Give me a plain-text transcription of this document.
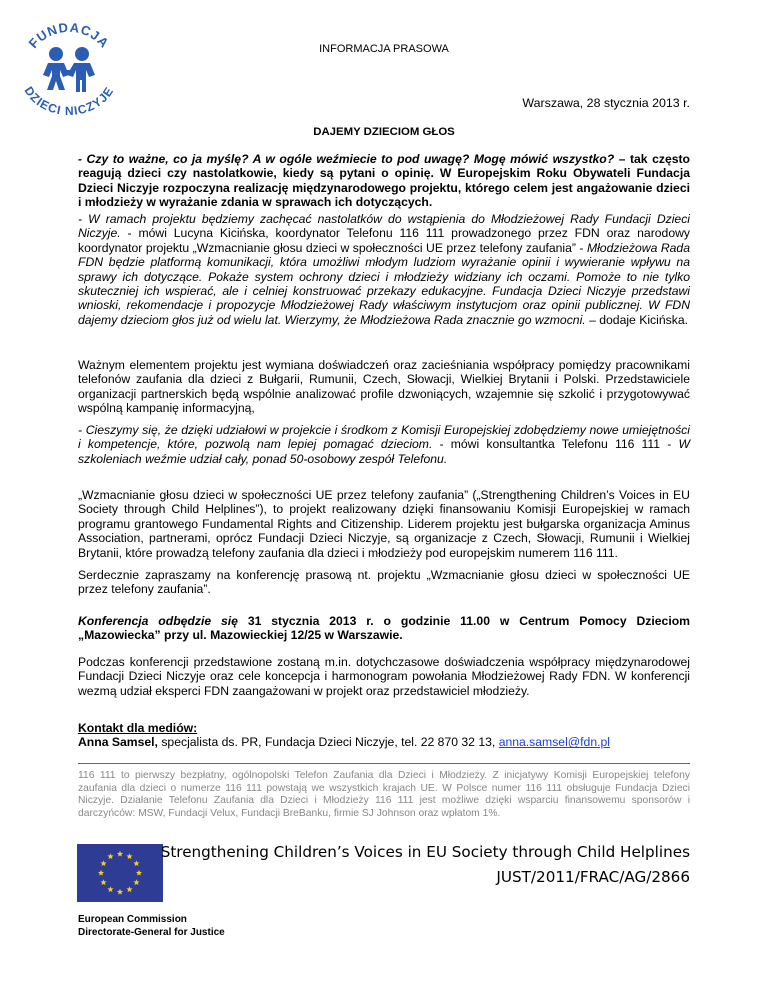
FUNDACJA
DZIECI NICZYJE
INFORMACJA PRASOWA
Warszawa, 28 stycznia 2013 r.
DAJEMY DZIECIOM GŁOS

- Czy to ważne, co ja myślę? A w ogóle weźmiecie to pod uwagę? Mogę mówić wszystko? – tak często reagują dzieci czy nastolatkowie, kiedy są pytani o opinię. W Europejskim Roku Obywateli Fundacja Dzieci Niczyje rozpoczyna realizację międzynarodowego projektu, którego celem jest angażowanie dzieci i młodzieży w wyrażanie zdania w sprawach ich dotyczących.

- W ramach projektu będziemy zachęcać nastolatków do wstąpienia do Młodzieżowej Rady Fundacji Dzieci Niczyje. - mówi Lucyna Kicińska, koordynator Telefonu 116 111 prowadzonego przez FDN oraz narodowy koordynator projektu „Wzmacnianie głosu dzieci w społeczności UE przez telefony zaufania” - Młodzieżowa Rada FDN będzie platformą komunikacji, która umożliwi młodym ludziom wyrażanie opinii i wywieranie wpływu na sprawy ich dotyczące. Pokaże system ochrony dzieci i młodzieży widziany ich oczami. Pomoże to nie tylko skuteczniej ich wspierać, ale i celniej konstruować przekazy edukacyjne. Fundacja Dzieci Niczyje przedstawi wnioski, rekomendacje i propozycje Młodzieżowej Rady właściwym instytucjom oraz opinii publicznej. W FDN dajemy dzieciom głos już od wielu lat. Wierzymy, że Młodzieżowa Rada znacznie go wzmocni. – dodaje Kicińska.

Ważnym elementem projektu jest wymiana doświadczeń oraz zacieśniania współpracy pomiędzy pracownikami telefonów zaufania dla dzieci z Bułgarii, Rumunii, Czech, Słowacji, Wielkiej Brytanii i Polski. Przedstawiciele organizacji partnerskich będą wspólnie analizować profile dzwoniących, wzajemnie się szkolić i przygotowywać wspólną kampanię informacyjną,

- Cieszymy się, że dzięki udziałowi w projekcie i środkom z Komisji Europejskiej zdobędziemy nowe umiejętności i kompetencje, które, pozwolą nam lepiej pomagać dzieciom. - mówi konsultantka Telefonu 116 111 - W szkoleniach weźmie udział cały, ponad 50-osobowy zespół Telefonu.

„Wzmacnianie głosu dzieci w społeczności UE przez telefony zaufania” („Strengthening Children’s Voices in EU Society through Child Helplines”), to projekt realizowany dzięki finansowaniu Komisji Europejskiej w ramach programu grantowego Fundamental Rights and Citizenship. Liderem projektu jest bułgarska organizacja Aminus Association, partnerami, oprócz Fundacji Dzieci Niczyje, są organizacje z Czech, Słowacji, Rumunii i Wielkiej Brytanii, które prowadzą telefony zaufania dla dzieci i młodzieży pod europejskim numerem 116 111.

Serdecznie zapraszamy na konferencję prasową nt. projektu „Wzmacnianie głosu dzieci w społeczności UE przez telefony zaufania”.

Konferencja odbędzie się 31 stycznia 2013 r. o godzinie 11.00 w Centrum Pomocy Dzieciom „Mazowiecka” przy ul. Mazowieckiej 12/25 w Warszawie.

Podczas konferencji przedstawione zostaną m.in. dotychczasowe doświadczenia współpracy międzynarodowej Fundacji Dzieci Niczyje oraz cele koncepcja i harmonogram powołania Młodzieżowej Rady FDN. W konferencji wezmą udział eksperci FDN zaangażowani w projekt oraz przedstawiciel młodzieży.

Kontakt dla mediów:
Anna Samsel, specjalista ds. PR, Fundacja Dzieci Niczyje, tel. 22 870 32 13, anna.samsel@fdn.pl

116 111 to pierwszy bezpłatny, ogólnopolski Telefon Zaufania dla Dzieci i Młodzieży. Z inicjatywy Komisji Europejskiej telefony zaufania dla dzieci o numerze 116 111 powstają we wszystkich krajach UE. W Polsce numer 116 111 obsługuje Fundacja Dzieci Niczyje. Działanie Telefonu Zaufania dla Dzieci i Młodzieży 116 111 jest możliwe dzięki wsparciu finansowemu sponsorów i darczyńców: MSW, Fundacji Velux, Fundacji BreBanku, firmie SJ Johnson oraz wpłatom 1%.

Strengthening Children’s Voices in EU Society through Child Helplines
JUST/2011/FRAC/AG/2866
European Commission
Directorate-General for Justice
